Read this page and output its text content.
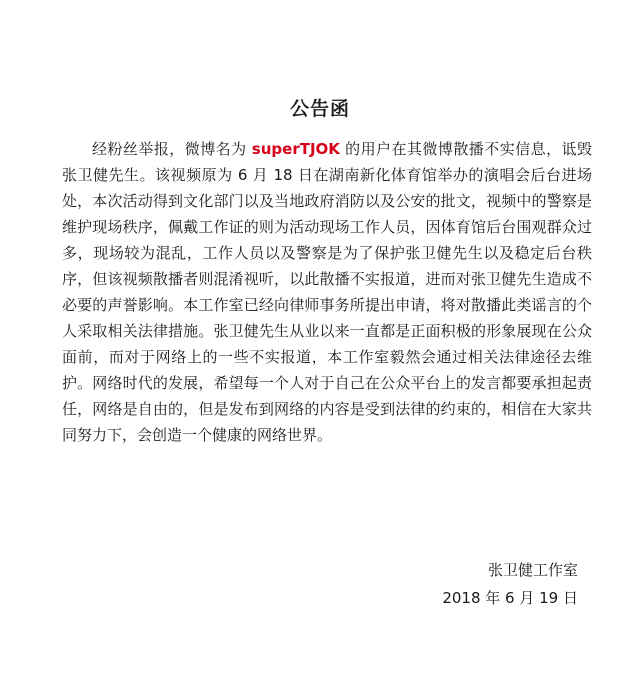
公告函

经粉丝举报，微博名为 superTJOK 的用户在其微博散播不实信息，诋毁张卫健先生。该视频原为 6 月 18 日在湖南新化体育馆举办的演唱会后台进场处，本次活动得到文化部门以及当地政府消防以及公安的批文，视频中的警察是维护现场秩序，佩戴工作证的则为活动现场工作人员，因体育馆后台围观群众过多，现场较为混乱，工作人员以及警察是为了保护张卫健先生以及稳定后台秩序，但该视频散播者则混淆视听，以此散播不实报道，进而对张卫健先生造成不必要的声誉影响。本工作室已经向律师事务所提出申请，将对散播此类谣言的个人采取相关法律措施。张卫健先生从业以来一直都是正面积极的形象展现在公众面前，而对于网络上的一些不实报道，本工作室毅然会通过相关法律途径去维护。网络时代的发展，希望每一个人对于自己在公众平台上的发言都要承担起责任，网络是自由的，但是发布到网络的内容是受到法律的约束的，相信在大家共同努力下，会创造一个健康的网络世界。

张卫健工作室
2018 年 6 月 19 日
